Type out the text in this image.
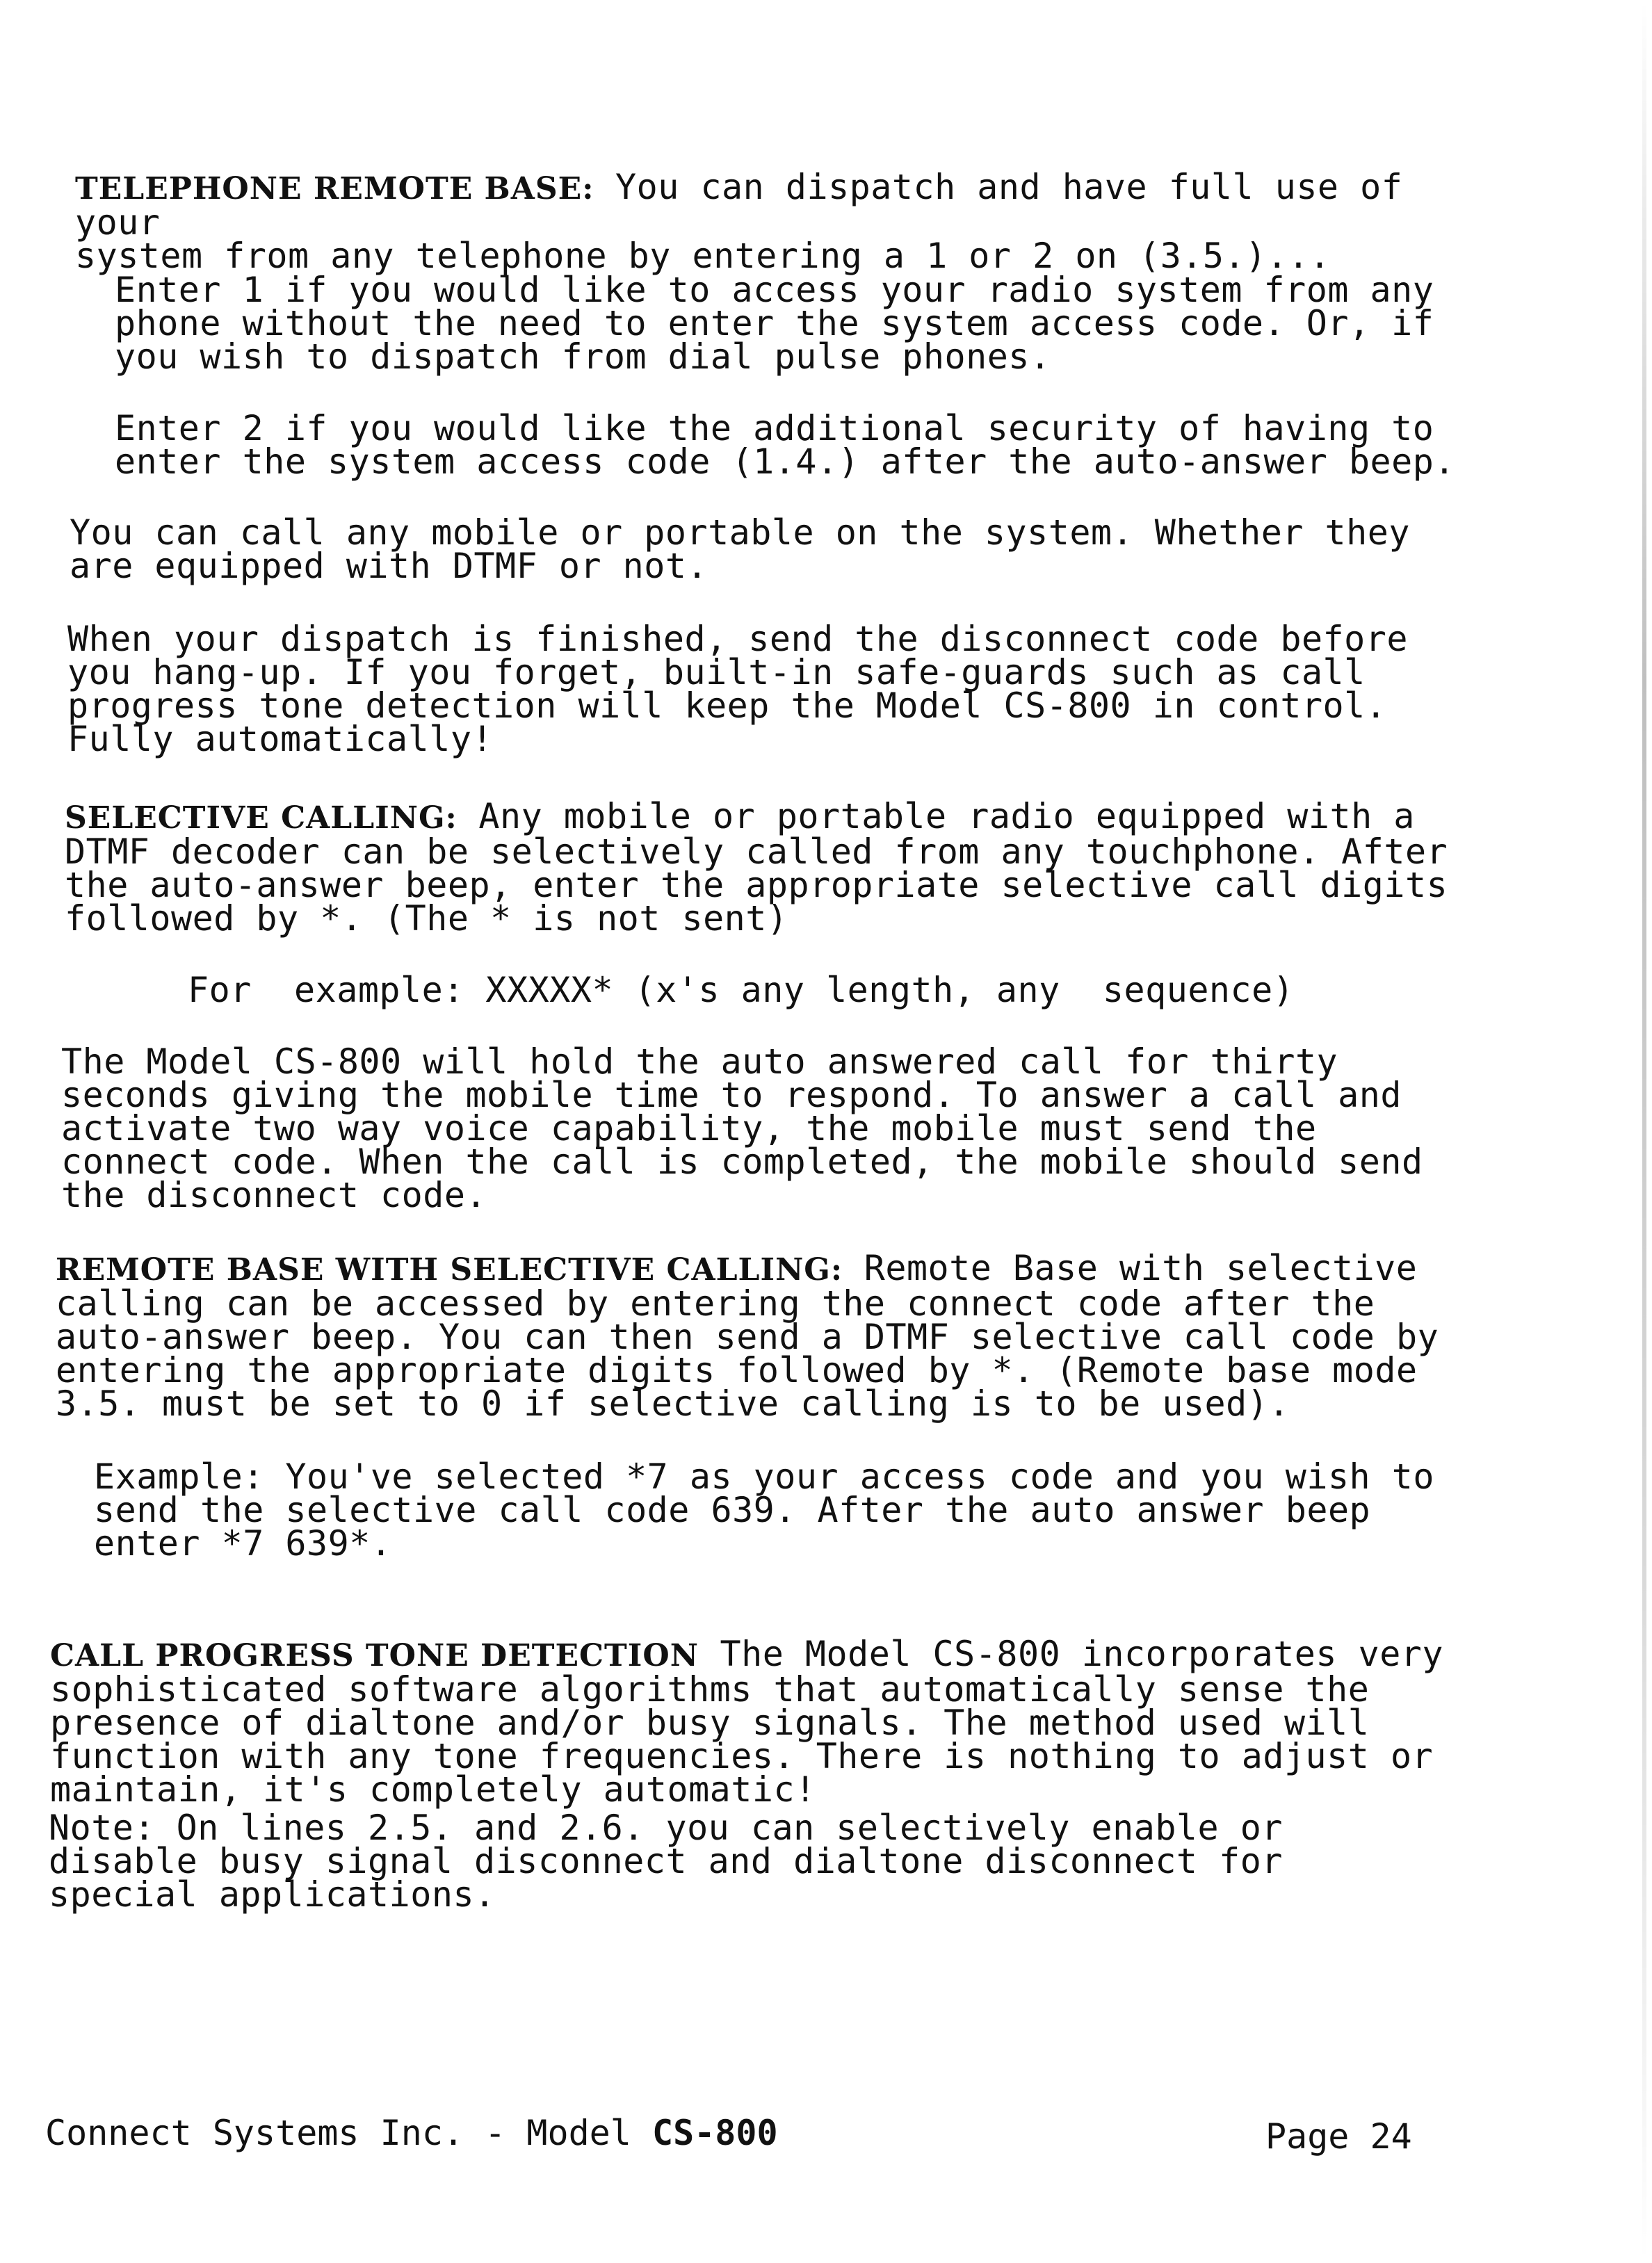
TELEPHONE REMOTE BASE: You can dispatch and have full use of your
system from any telephone by entering a 1 or 2 on (3.5.)...
Enter 1 if you would like to access your radio system from any
phone without the need to enter the system access code. Or, if
you wish to dispatch from dial pulse phones.
Enter 2 if you would like the additional security of having to
enter the system access code (1.4.) after the auto-answer beep.
You can call any mobile or portable on the system. Whether they
are equipped with DTMF or not.
When your dispatch is finished, send the disconnect code before
you hang-up. If you forget, built-in safe-guards such as call
progress tone detection will keep the Model CS-800 in control.
Fully automatically!
SELECTIVE CALLING: Any mobile or portable radio equipped with a
DTMF decoder can be selectively called from any touchphone. After
the auto-answer beep, enter the appropriate selective call digits
followed by *. (The * is not sent)
For  example: XXXXX* (x's any length, any  sequence)
The Model CS-800 will hold the auto answered call for thirty
seconds giving the mobile time to respond. To answer a call and
activate two way voice capability, the mobile must send the
connect code. When the call is completed, the mobile should send
the disconnect code.
REMOTE BASE WITH SELECTIVE CALLING: Remote Base with selective
calling can be accessed by entering the connect code after the
auto-answer beep. You can then send a DTMF selective call code by
entering the appropriate digits followed by *. (Remote base mode
3.5. must be set to 0 if selective calling is to be used).
Example: You've selected *7 as your access code and you wish to
send the selective call code 639. After the auto answer beep
enter *7 639*.
CALL PROGRESS TONE DETECTION The Model CS-800 incorporates very
sophisticated software algorithms that automatically sense the
presence of dialtone and/or busy signals. The method used will
function with any tone frequencies. There is nothing to adjust or
maintain, it's completely automatic!
Note: On lines 2.5. and 2.6. you can selectively enable or
disable busy signal disconnect and dialtone disconnect for
special applications.
Connect Systems Inc. - Model CS-800	Page 24
